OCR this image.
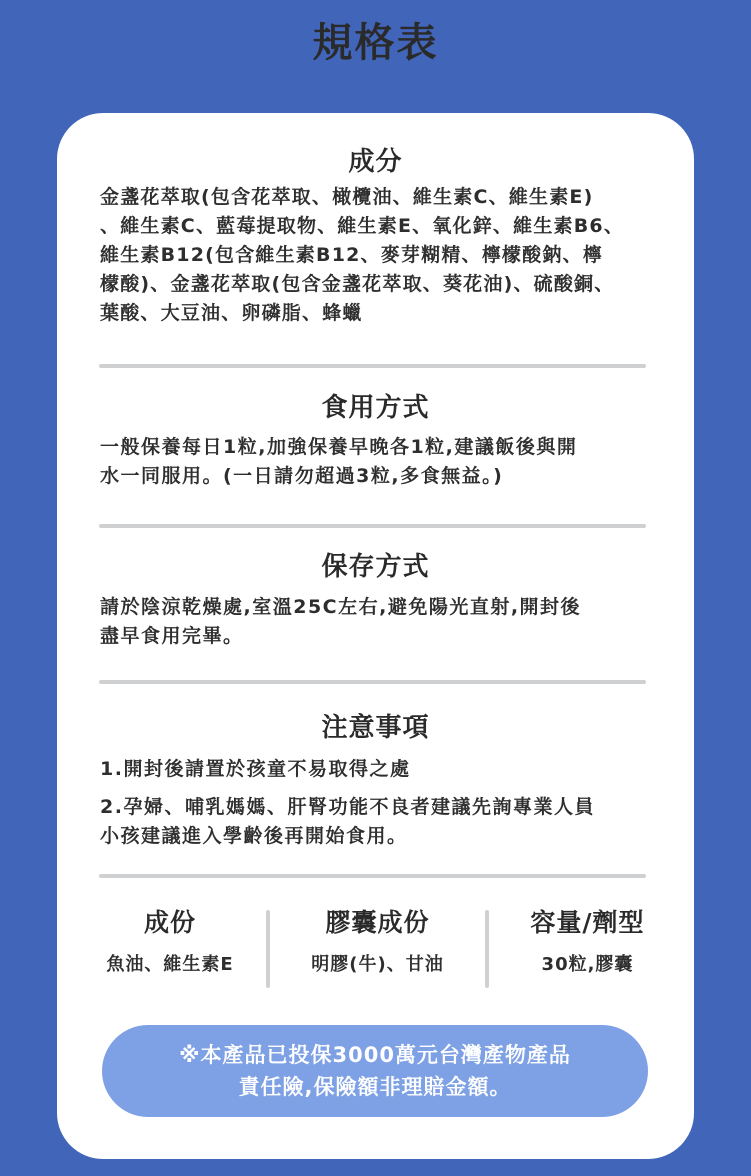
規格表
成分
金盞花萃取(包含花萃取、橄欖油、維生素C、維生素E)
、維生素C、藍莓提取物、維生素E、氧化鋅、維生素B6、
維生素B12(包含維生素B12、麥芽糊精、檸檬酸鈉、檸
檬酸)、金盞花萃取(包含金盞花萃取、葵花油)、硫酸銅、
葉酸、大豆油、卵磷脂、蜂蠟
食用方式
一般保養每日1粒,加強保養早晚各1粒,建議飯後與開
水一同服用。(一日請勿超過3粒,多食無益。)
保存方式
請於陰涼乾燥處,室溫25C左右,避免陽光直射,開封後
盡早食用完畢。
注意事項
1.開封後請置於孩童不易取得之處
2.孕婦、哺乳媽媽、肝腎功能不良者建議先詢專業人員
小孩建議進入學齡後再開始食用。
成份
魚油、維生素E
膠囊成份
明膠(牛)、甘油
容量/劑型
30粒,膠囊
※本產品已投保3000萬元台灣產物產品
責任險,保險額非理賠金額。
